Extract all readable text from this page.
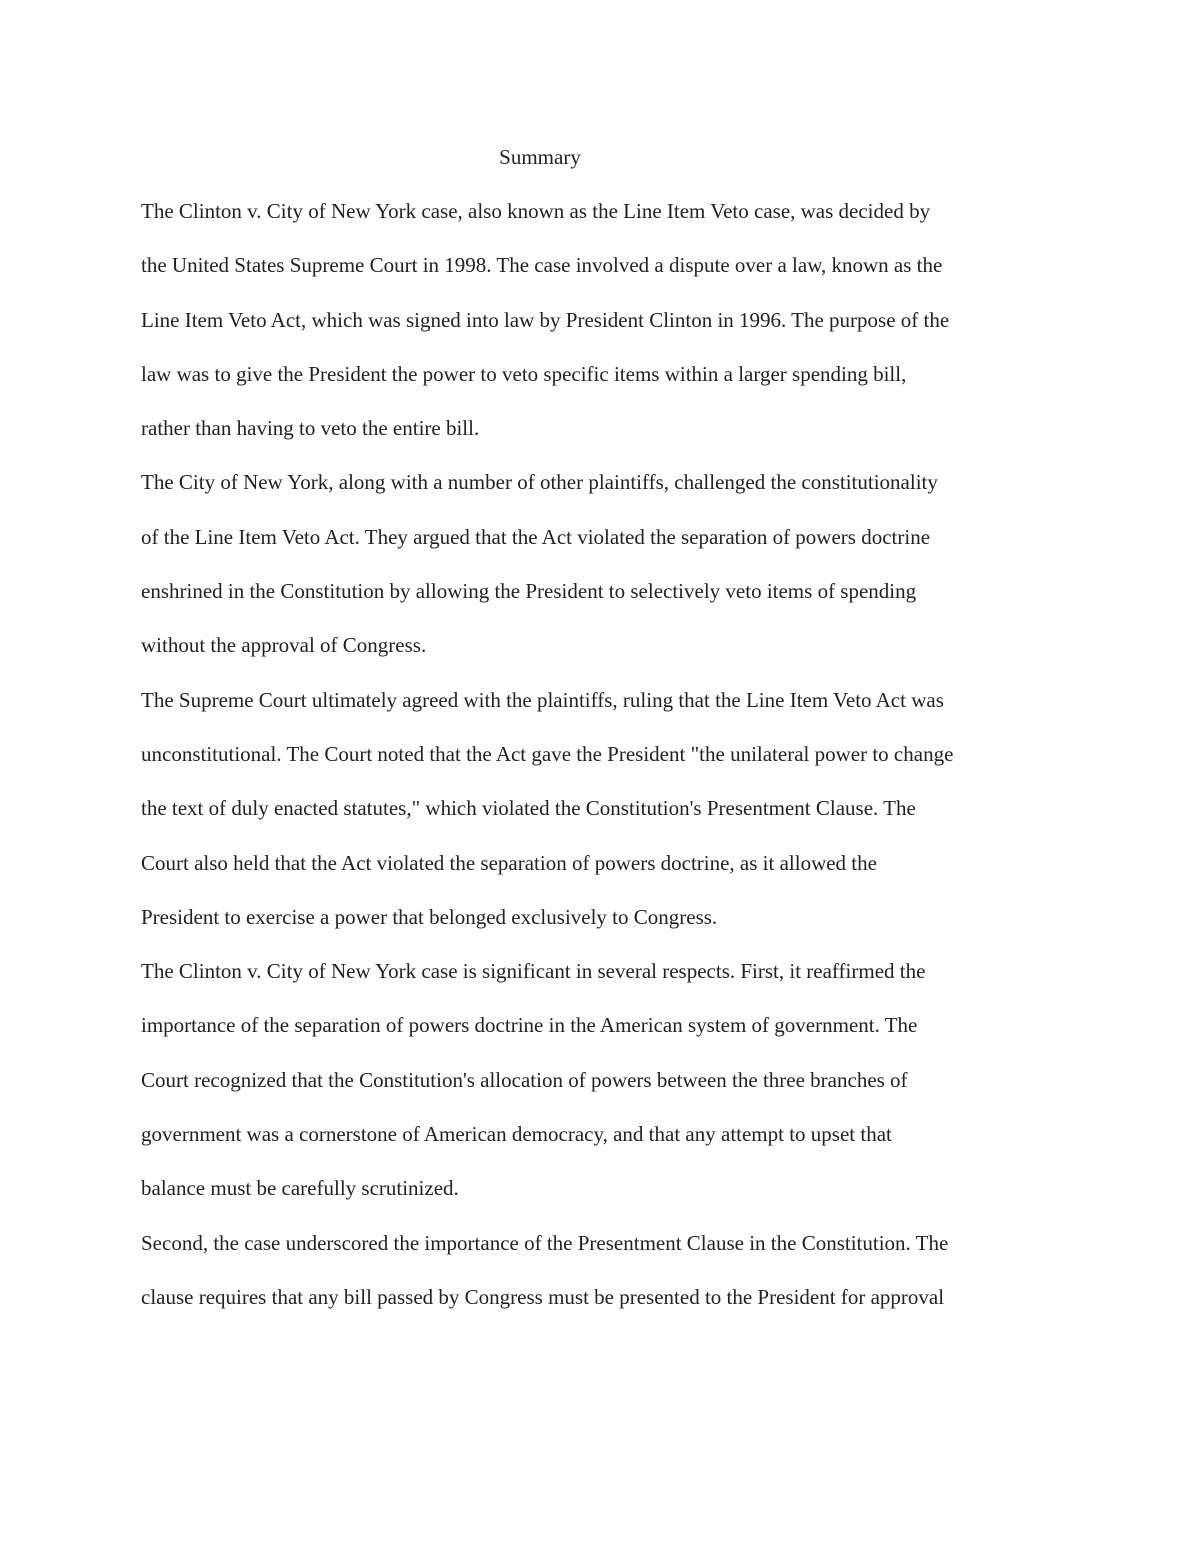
Summary
The Clinton v. City of New York case, also known as the Line Item Veto case, was decided by
the United States Supreme Court in 1998. The case involved a dispute over a law, known as the
Line Item Veto Act, which was signed into law by President Clinton in 1996. The purpose of the
law was to give the President the power to veto specific items within a larger spending bill,
rather than having to veto the entire bill.
The City of New York, along with a number of other plaintiffs, challenged the constitutionality
of the Line Item Veto Act. They argued that the Act violated the separation of powers doctrine
enshrined in the Constitution by allowing the President to selectively veto items of spending
without the approval of Congress.
The Supreme Court ultimately agreed with the plaintiffs, ruling that the Line Item Veto Act was
unconstitutional. The Court noted that the Act gave the President "the unilateral power to change
the text of duly enacted statutes," which violated the Constitution's Presentment Clause. The
Court also held that the Act violated the separation of powers doctrine, as it allowed the
President to exercise a power that belonged exclusively to Congress.
The Clinton v. City of New York case is significant in several respects. First, it reaffirmed the
importance of the separation of powers doctrine in the American system of government. The
Court recognized that the Constitution's allocation of powers between the three branches of
government was a cornerstone of American democracy, and that any attempt to upset that
balance must be carefully scrutinized.
Second, the case underscored the importance of the Presentment Clause in the Constitution. The
clause requires that any bill passed by Congress must be presented to the President for approval
